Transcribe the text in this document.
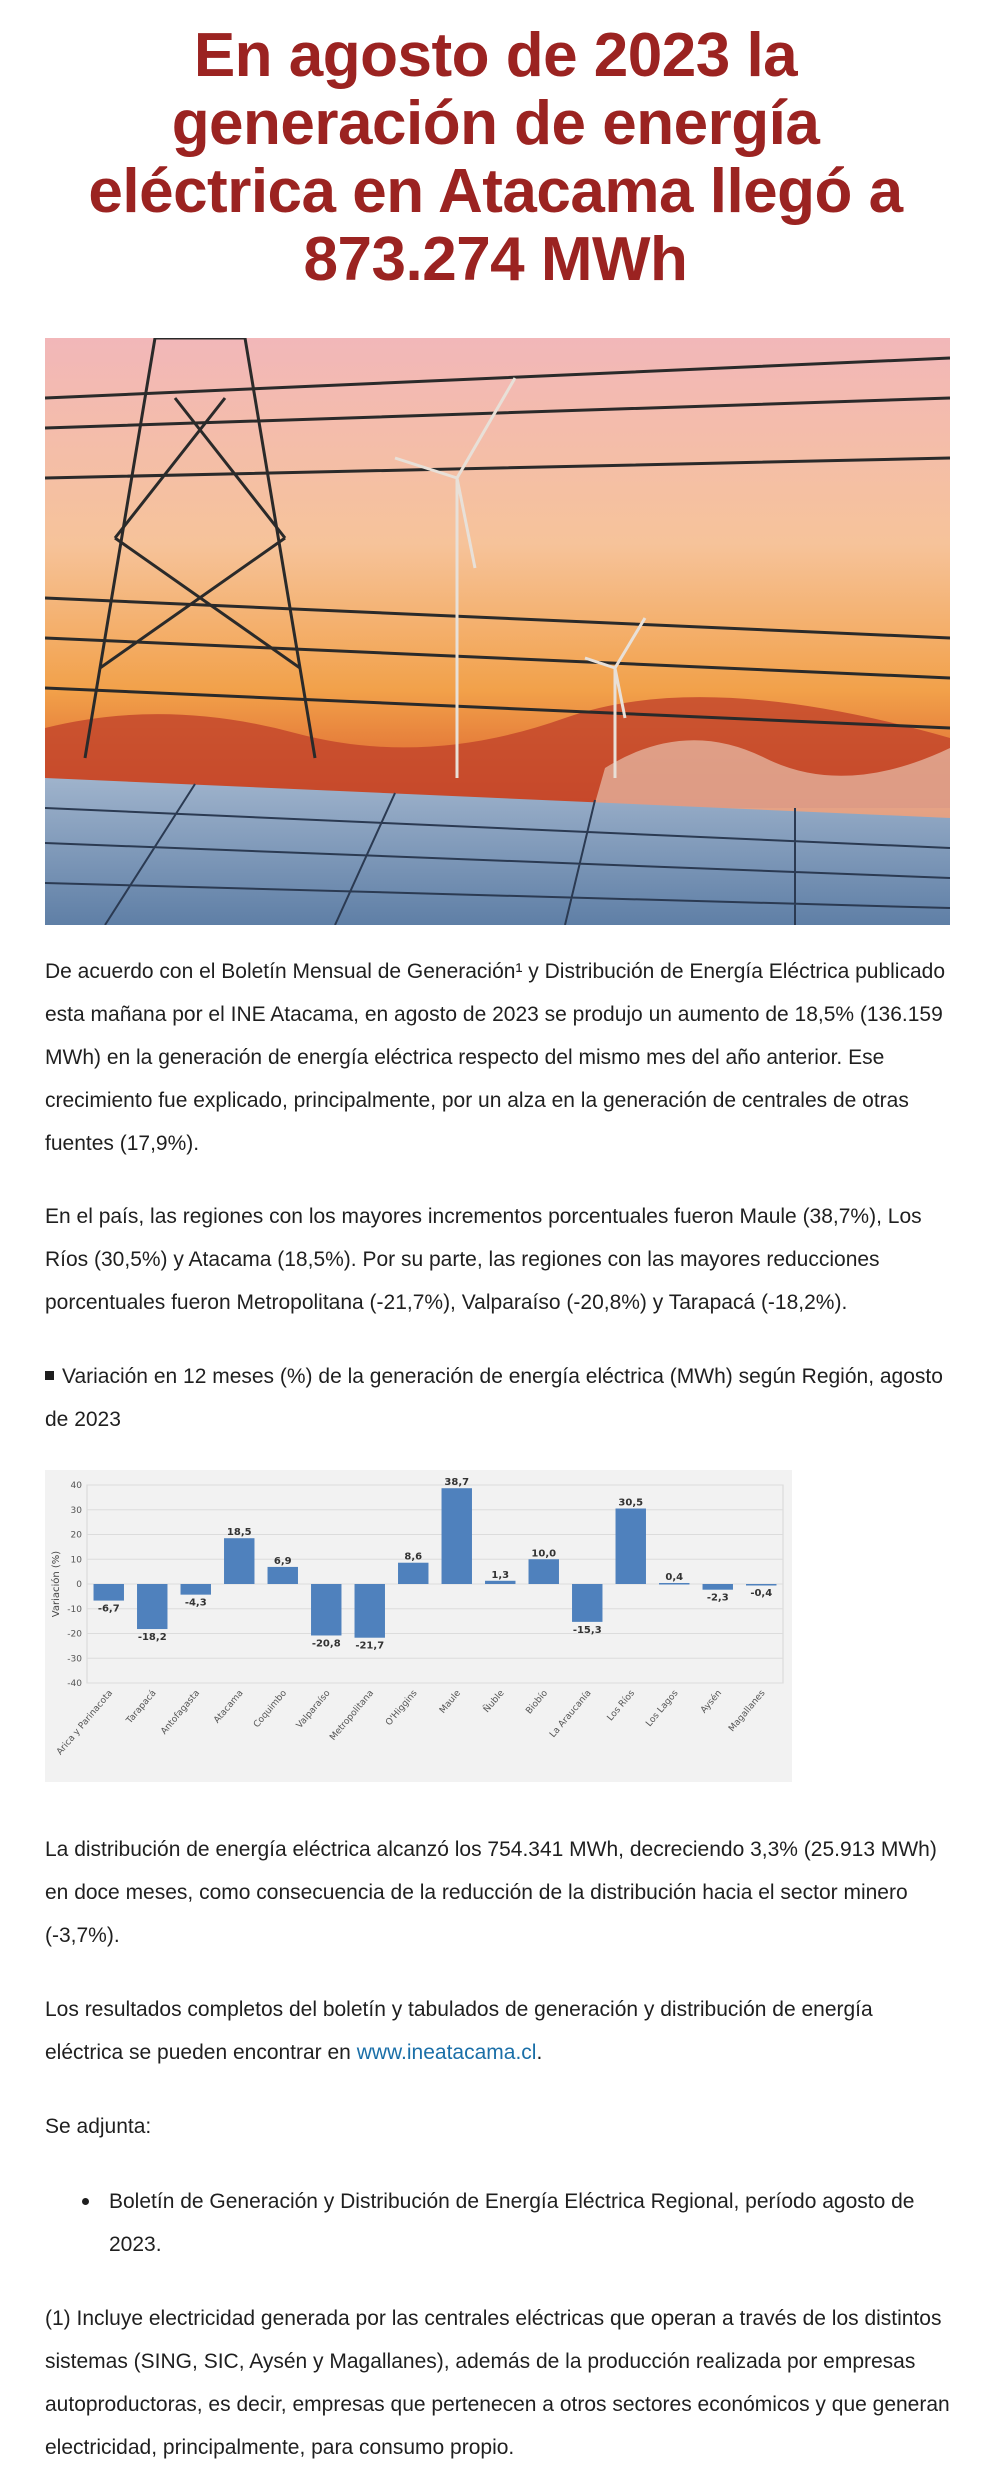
En agosto de 2023 la generación de energía eléctrica en Atacama llegó a 873.274 MWh

De acuerdo con el Boletín Mensual de Generación¹ y Distribución de Energía Eléctrica publicado esta mañana por el INE Atacama, en agosto de 2023 se produjo un aumento de 18,5% (136.159 MWh) en la generación de energía eléctrica respecto del mismo mes del año anterior. Ese crecimiento fue explicado, principalmente, por un alza en la generación de centrales de otras fuentes (17,9%).

En el país, las regiones con los mayores incrementos porcentuales fueron Maule (38,7%), Los Ríos (30,5%) y Atacama (18,5%). Por su parte, las regiones con las mayores reducciones porcentuales fueron Metropolitana (-21,7%), Valparaíso (-20,8%) y Tarapacá (-18,2%).

Variación en 12 meses (%) de la generación de energía eléctrica (MWh) según Región, agosto de 2023

-40
-30
-20
-10
0
10
20
30
40
Variación (%)	-6,7
Arica y Parinacota
-18,2
Tarapacá
-4,3
Antofagasta
18,5
Atacama
6,9
Coquimbo
-20,8
Valparaíso
-21,7
Metropolitana
8,6
O'Higgins
38,7
Maule
1,3
Ñuble
10,0
Biobío
-15,3
La Araucanía
30,5
Los Ríos
0,4
Los Lagos
-2,3
Aysén
-0,4
Magallanes

La distribución de energía eléctrica alcanzó los 754.341 MWh, decreciendo 3,3% (25.913 MWh) en doce meses, como consecuencia de la reducción de la distribución hacia el sector minero (-3,7%).

Los resultados completos del boletín y tabulados de generación y distribución de energía eléctrica se pueden encontrar en www.ineatacama.cl.

Se adjunta:

Boletín de Generación y Distribución de Energía Eléctrica Regional, período agosto de 2023.

(1) Incluye electricidad generada por las centrales eléctricas que operan a través de los distintos sistemas (SING, SIC, Aysén y Magallanes), además de la producción realizada por empresas autoproductoras, es decir, empresas que pertenecen a otros sectores económicos y que generan electricidad, principalmente, para consumo propio.
